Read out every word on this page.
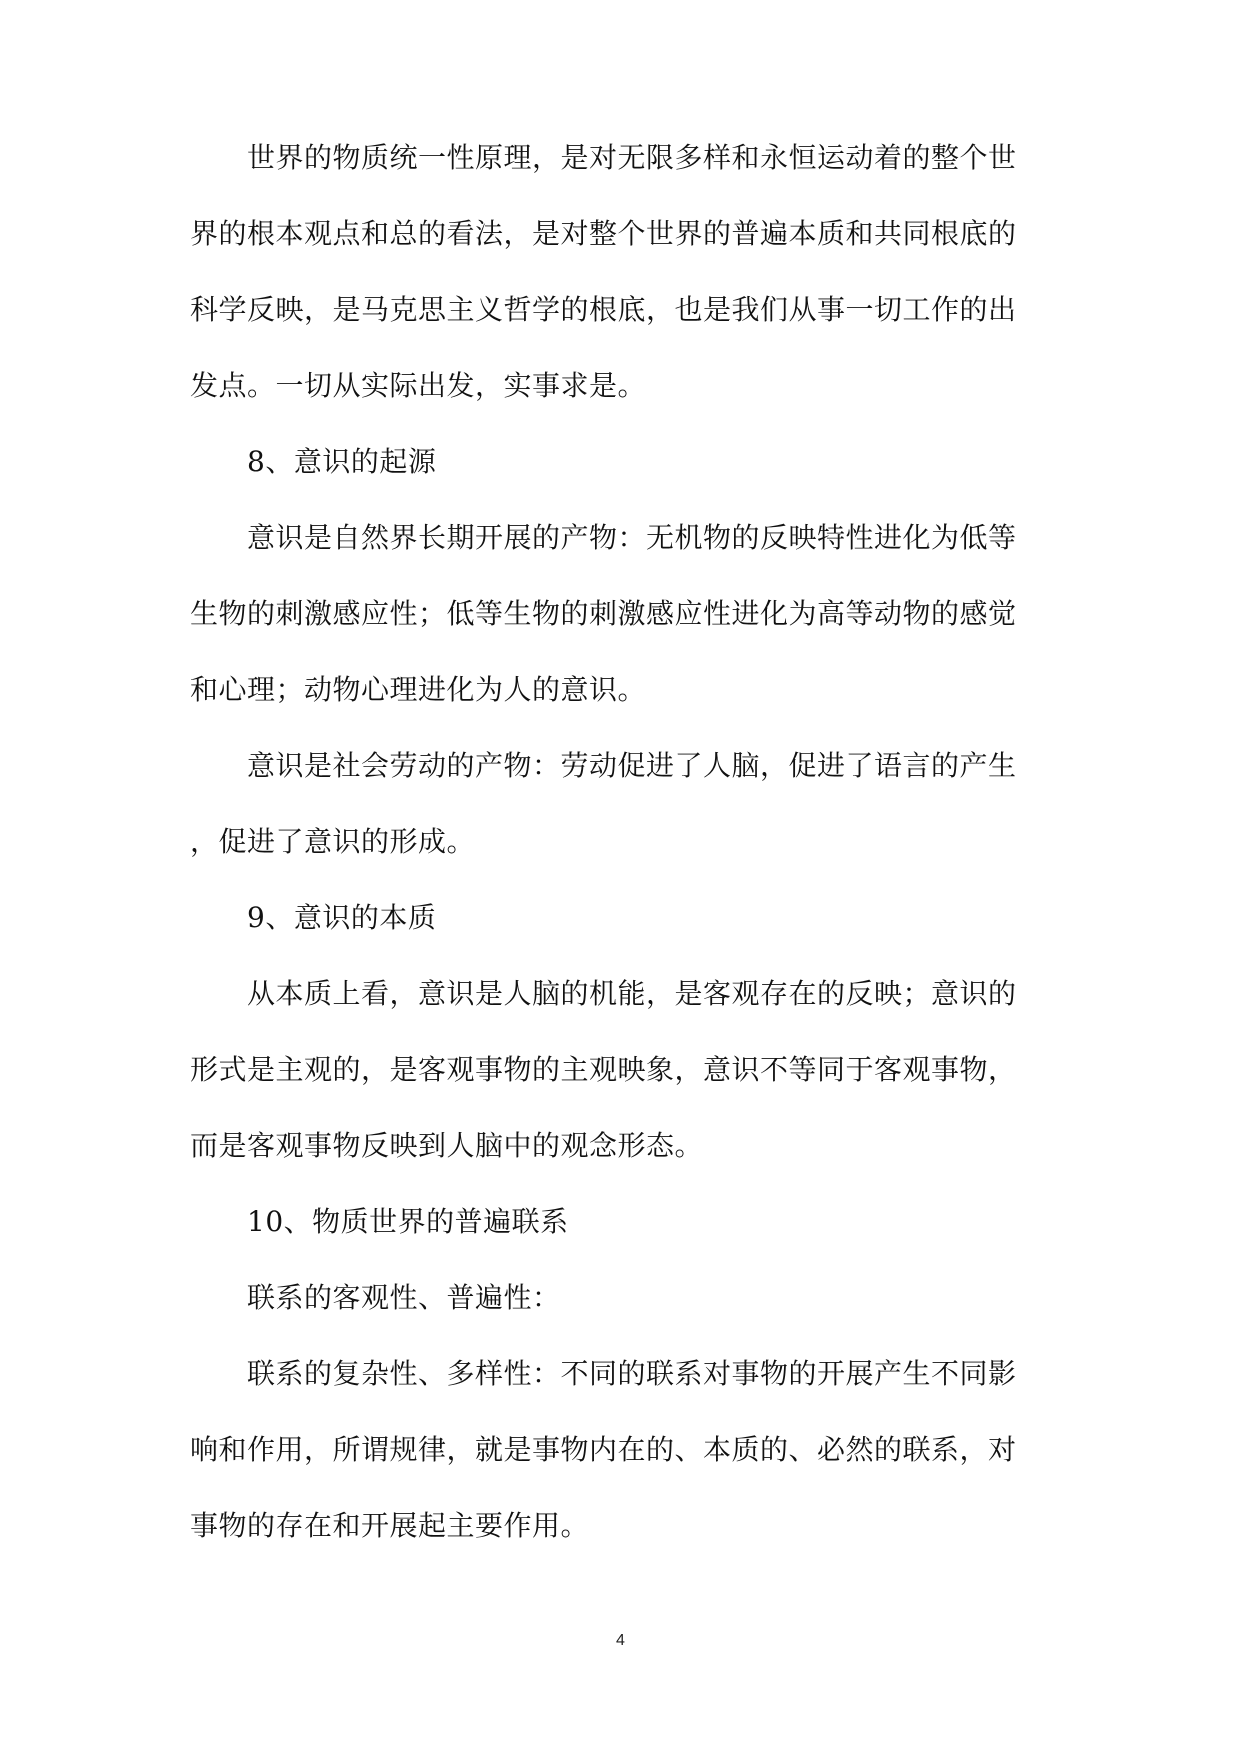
世界的物质统一性原理，是对无限多样和永恒运动着的整个世
界的根本观点和总的看法，是对整个世界的普遍本质和共同根底的
科学反映，是马克思主义哲学的根底，也是我们从事一切工作的出
发点。一切从实际出发，实事求是。
8、意识的起源
意识是自然界长期开展的产物：无机物的反映特性进化为低等
生物的刺激感应性；低等生物的刺激感应性进化为高等动物的感觉
和心理；动物心理进化为人的意识。
意识是社会劳动的产物：劳动促进了人脑，促进了语言的产生
，促进了意识的形成。
9、意识的本质
从本质上看，意识是人脑的机能，是客观存在的反映；意识的
形式是主观的，是客观事物的主观映象，意识不等同于客观事物，
而是客观事物反映到人脑中的观念形态。
10、物质世界的普遍联系
联系的客观性、普遍性：
联系的复杂性、多样性：不同的联系对事物的开展产生不同影
响和作用，所谓规律，就是事物内在的、本质的、必然的联系，对
事物的存在和开展起主要作用。
4
